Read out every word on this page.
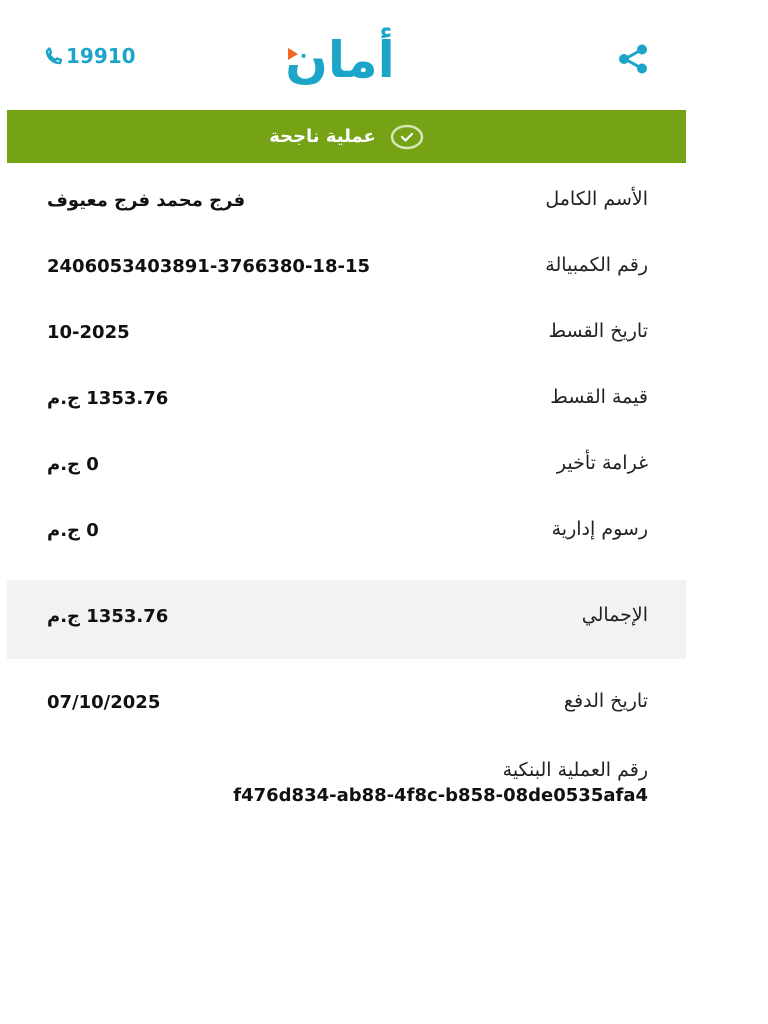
19910	أمان
عملية ناجحة
الأسم الكامل
فرج محمد فرج معيوف
رقم الكمبيالة
2406053403891-3766380-18-15
تاريخ القسط
10-2025
قيمة القسط
1353.76 ج.م
غرامة تأخير
0 ج.م
رسوم إدارية
0 ج.م
الإجمالي
1353.76 ج.م
تاريخ الدفع
07/10/2025
رقم العملية البنكية
f476d834-ab88-4f8c-b858-08de0535afa4
